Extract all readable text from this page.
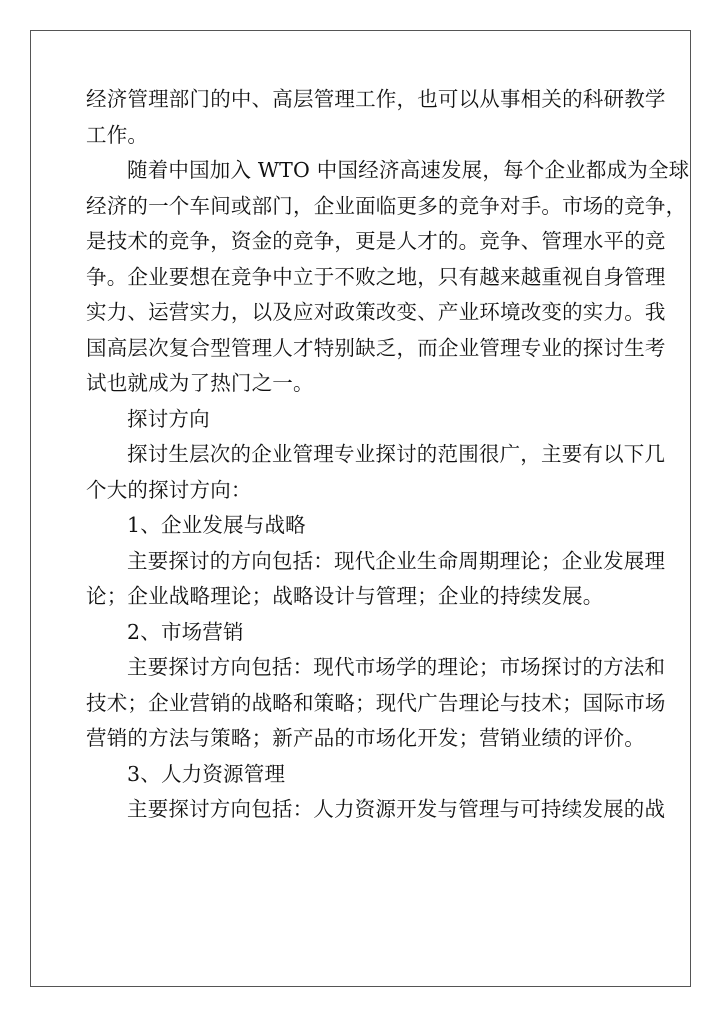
经济管理部门的中、高层管理工作，也可以从事相关的科研教学
工作。
随着中国加入 WTO 中国经济高速发展，每个企业都成为全球
经济的一个车间或部门，企业面临更多的竞争对手。市场的竞争，
是技术的竞争，资金的竞争，更是人才的。竞争、管理水平的竞
争。企业要想在竞争中立于不败之地，只有越来越重视自身管理
实力、运营实力，以及应对政策改变、产业环境改变的实力。我
国高层次复合型管理人才特别缺乏，而企业管理专业的探讨生考
试也就成为了热门之一。
探讨方向
探讨生层次的企业管理专业探讨的范围很广，主要有以下几
个大的探讨方向：
1、企业发展与战略
主要探讨的方向包括：现代企业生命周期理论；企业发展理
论；企业战略理论；战略设计与管理；企业的持续发展。
2、市场营销
主要探讨方向包括：现代市场学的理论；市场探讨的方法和
技术；企业营销的战略和策略；现代广告理论与技术；国际市场
营销的方法与策略；新产品的市场化开发；营销业绩的评价。
3、人力资源管理
主要探讨方向包括：人力资源开发与管理与可持续发展的战
